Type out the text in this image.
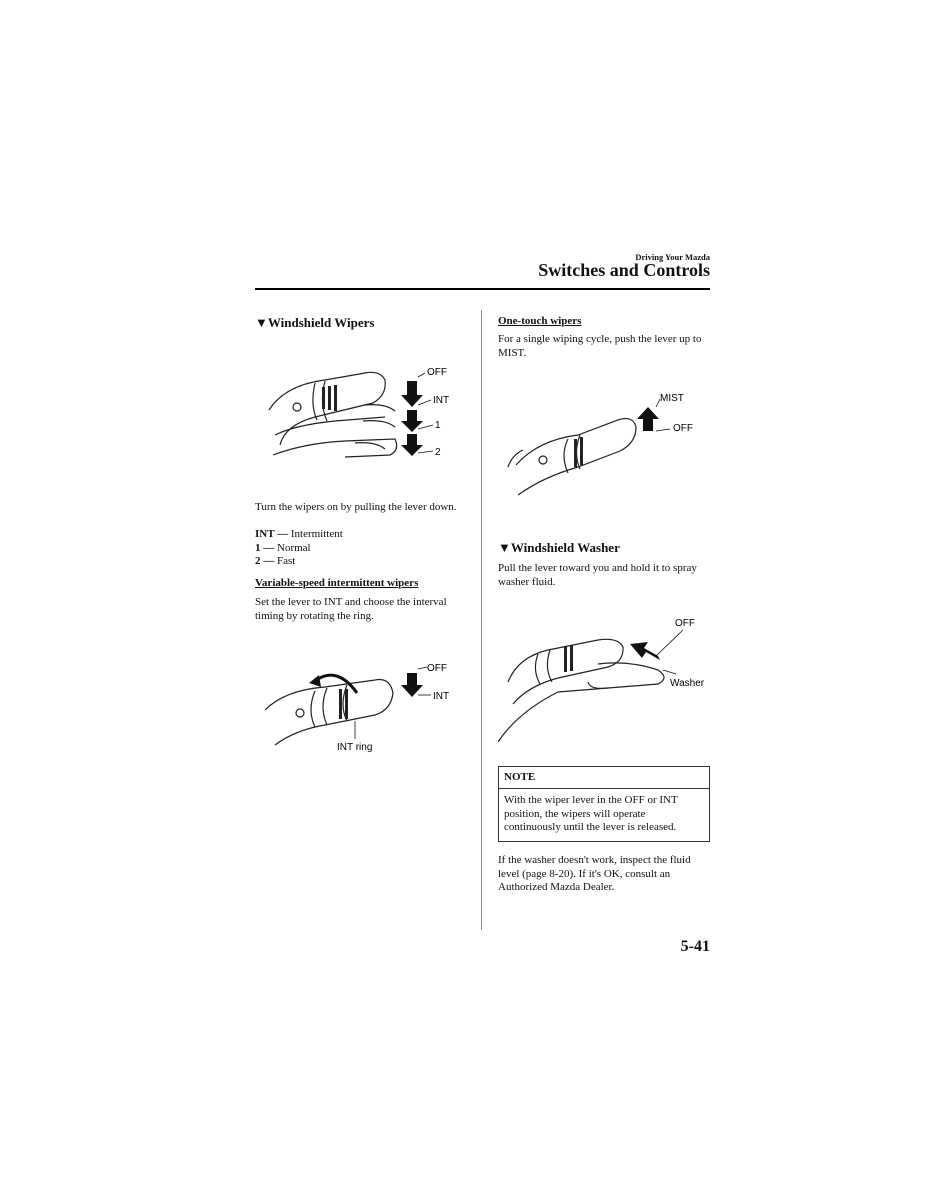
Driving Your Mazda
Switches and Controls
▼Windshield Wipers
OFF
INT
1
2
Turn the wipers on by pulling the lever down.
INT — Intermittent
1 — Normal
2 — Fast
Variable-speed intermittent wipers
Set the lever to INT and choose the interval timing by rotating the ring.
OFF
INT
INT ring
One-touch wipers
For a single wiping cycle, push the lever up to MIST.
MIST
OFF
▼Windshield Washer
Pull the lever toward you and hold it to spray washer fluid.
OFF
Washer
NOTE
With the wiper lever in the OFF or INT position, the wipers will operate continuously until the lever is released.
If the washer doesn't work, inspect the fluid level (page 8-20). If it's OK, consult an Authorized Mazda Dealer.
5-41
